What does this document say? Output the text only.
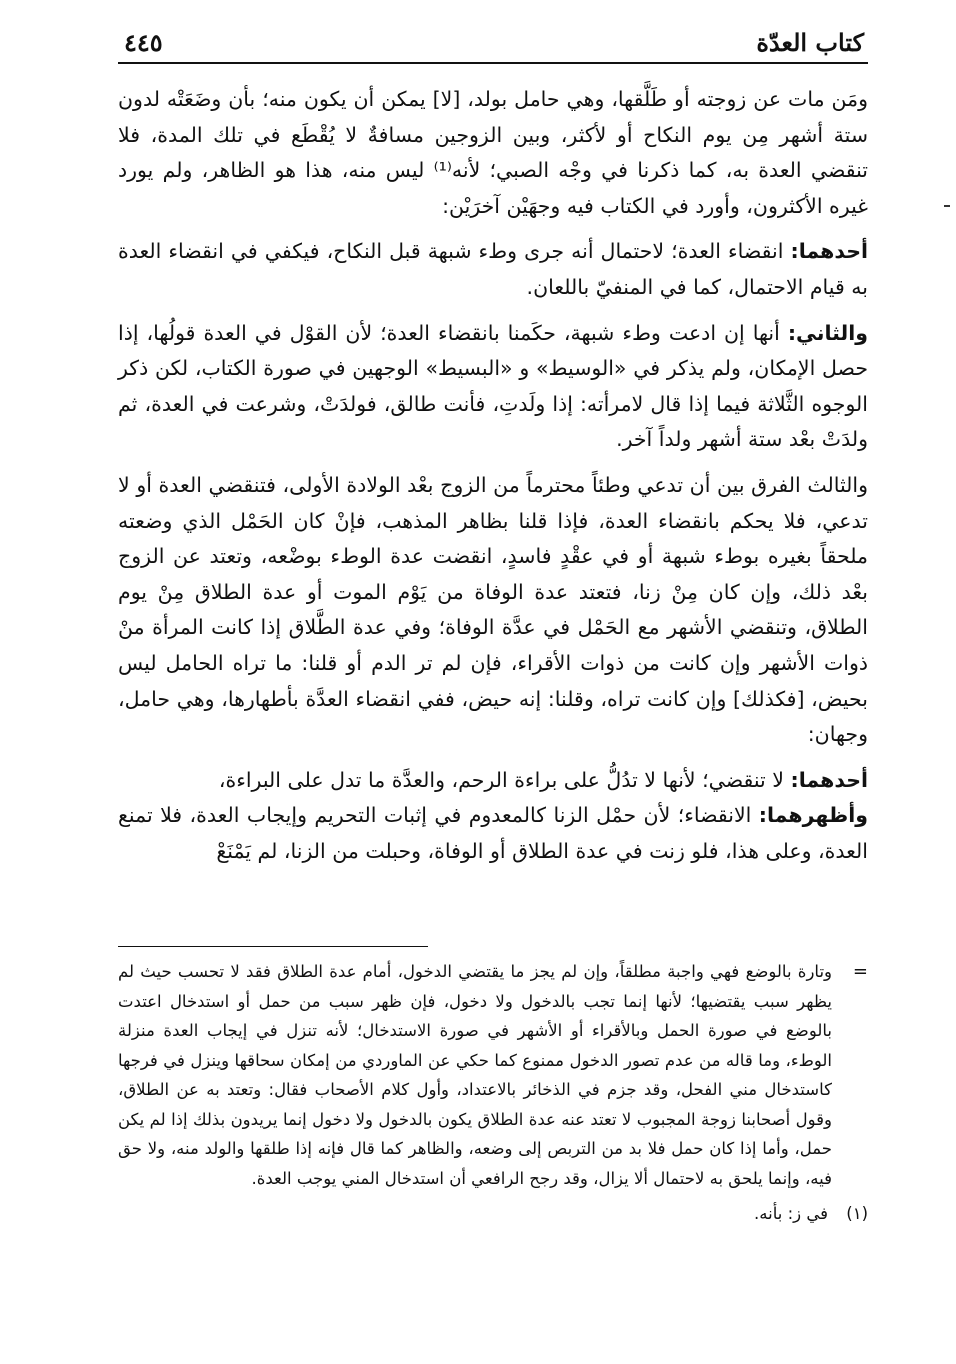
كتاب العدّة
٤٤٥

ومَن مات عن زوجته أو طَلَّقها، وهي حامل بولد، [لا] يمكن أن يكون منه؛ بأن وضَعَتْه لدون ستة أشهر مِن يوم النكاح أو لأكثر، وبين الزوجين مسافةٌ لا يُقْطَع في تلك المدة، فلا تنقضي العدة به، كما ذكرنا في وجْه الصبي؛ لأنه⁽¹⁾ ليس منه، هذا هو الظاهر، ولم يورد غيره الأكثرون، وأورد في الكتاب فيه وجهَيْن آخرَيْن:

أحدهما: انقضاء العدة؛ لاحتمال أنه جرى وطء شبهة قبل النكاح، فيكفي في انقضاء العدة به قيام الاحتمال، كما في المنفيّ باللعان.

والثاني: أنها إن ادعت وطء شبهة، حكَمنا بانقضاء العدة؛ لأن القوْل في العدة قولُها، إذا حصل الإمكان، ولم يذكر في «الوسيط» و «البسيط» الوجهين في صورة الكتاب، لكن ذكر الوجوه الثَّلاثة فيما إذا قال لامرأته: إذا ولَدتِ، فأنت طالق، فولدَتْ، وشرعت في العدة، ثم ولدَتْ بعْد ستة أشهر ولداً آخر.

والثالث الفرق بين أن تدعي وطئاً محترماً من الزوج بعْد الولادة الأولى، فتنقضي العدة أو لا تدعي، فلا يحكم بانقضاء العدة، فإذا قلنا بظاهر المذهب، فإنْ كان الحَمْل الذي وضعته ملحقاً بغيره بوطء شبهة أو في عقْدٍ فاسدٍ، انقضت عدة الوطء بوضْعه، وتعتد عن الزوج بعْد ذلك، وإن كان مِنْ زنا، فتعتد عدة الوفاة من يَوْم الموت أو عدة الطلاق مِنْ يوم الطلاق، وتنقضي الأشهر مع الحَمْل في عدَّة الوفاة؛ وفي عدة الطَّلاق إذا كانت المرأة منْ ذوات الأشهر وإن كانت من ذوات الأقراء، فإن لم تر الدم أو قلنا: ما تراه الحامل ليس بحيض، [فكذلك] وإن كانت تراه، وقلنا: إنه حيض، ففي انقضاء العدَّة بأطهارها، وهي حامل، وجهان:

أحدهما: لا تنقضي؛ لأنها لا تدُلُّ على براءة الرحم، والعدَّة ما تدل على البراءة،

وأظهرهما: الانقضاء؛ لأن حمْل الزنا كالمعدوم في إثبات التحريم وإيجاب العدة، فلا تمنع العدة، وعلى هذا، فلو زنت في عدة الطلاق أو الوفاة، وحبلت من الزنا، لم يَمْنَعْ

=
وتارة بالوضع فهي واجبة مطلقاً، وإن لم يجز ما يقتضي الدخول، أمام عدة الطلاق فقد لا تحسب حيث لم يظهر سبب يقتضيها؛ لأنها إنما تجب بالدخول ولا دخول، فإن ظهر سبب من حمل أو استدخال اعتدت بالوضع في صورة الحمل وبالأقراء أو الأشهر في صورة الاستدخال؛ لأنه تنزل في إيجاب العدة منزلة الوطء، وما قاله من عدم تصور الدخول ممنوع كما حكي عن الماوردي من إمكان سحاقها وينزل في فرجها كاستدخال مني الفحل، وقد جزم في الذخائر بالاعتداد، وأول كلام الأصحاب فقال: وتعتد به عن الطلاق، وقول أصحابنا زوجة المجبوب لا تعتد عنه عدة الطلاق يكون بالدخول ولا دخول إنما يريدون بذلك إذا لم يكن حمل، وأما إذا كان حمل فلا بد من التربص إلى وضعه، والظاهر كما قال فإنه إذا طلقها والولد منه، ولا حق فيه، وإنما يلحق به لاحتمال ألا يزال، وقد رجح الرافعي أن استدخال المني يوجب العدة.
(١)
في ز: بأنه.
